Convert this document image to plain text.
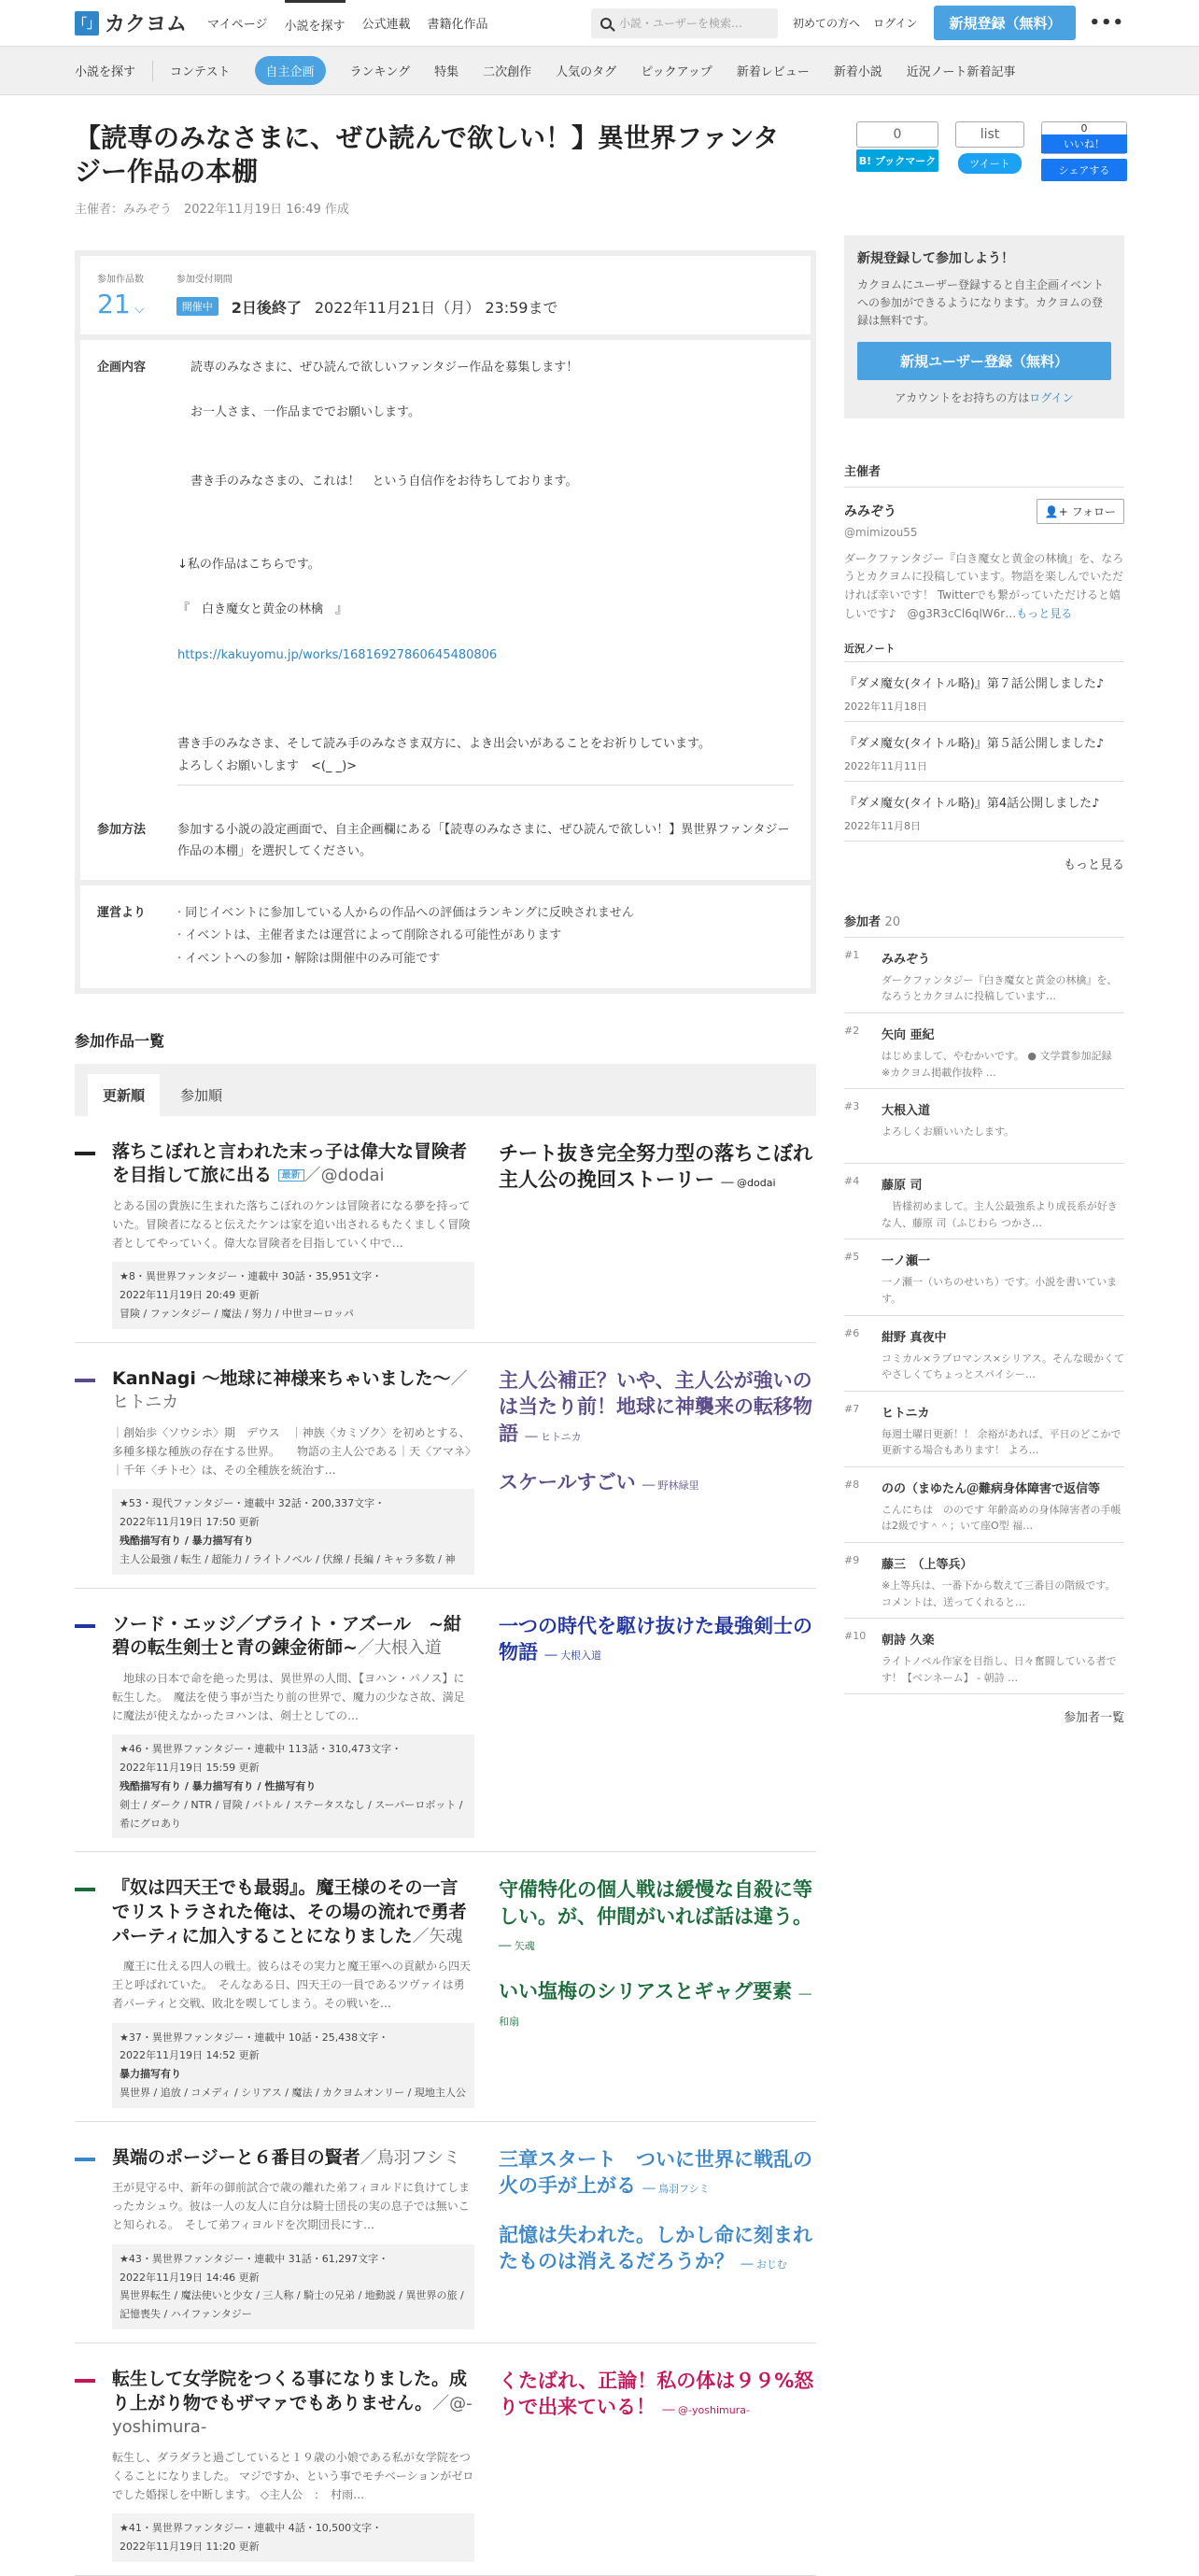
「」 カクヨム マイページ 小説を探す 公式連載 書籍化作品	小説・ユーザーを検索…	初めての方へ ログイン	新規登録（無料）	•••
小説を探す	コンテスト	自主企画	ランキング 特集 二次創作 人気のタグ ピックアップ 新着レビュー 新着小説 近況ノート新着記事
0
B! ブックマーク
list
ツイート
0
いいね！
シェアする
【読専のみなさまに、ぜひ読んで欲しい！】異世界ファンタジー作品の本棚
主催者：みみぞう　2022年11月19日 16:49 作成
参加作品数
21 ⌵
参加受付期間
開催中	2日後終了 2022年11月21日（月） 23:59まで
企画内容	読専のみなさまに、ぜひ読んで欲しいファンタジー作品を募集します！

お一人さま、一作品まででお願いします。

書き手のみなさまの、これは！　という自信作をお待ちしております。

↓私の作品はこちらです。

『　白き魔女と黄金の林檎　』

https://kakuyomu.jp/works/16816927860645480806

書き手のみなさま、そして読み手のみなさま双方に、よき出会いがあることをお祈りしています。
よろしくお願いします　<(_ _)>
参加方法	参加する小説の設定画面で、自主企画欄にある「【読専のみなさまに、ぜひ読んで欲しい！】異世界ファンタジー作品の本棚」を選択してください。
運営より	· 同じイベントに参加している人からの作品への評価はランキングに反映されません
· イベントは、主催者または運営によって削除される可能性があります
· イベントへの参加・解除は開催中のみ可能です
参加作品一覧
更新順	参加順
落ちこぼれと言われた末っ子は偉大な冒険者を目指して旅に出る 最新 ／@dodai
とある国の貴族に生まれた落ちこぼれのケンは冒険者になる夢を持っていた。冒険者になると伝えたケンは家を追い出されるもたくましく冒険者としてやっていく。偉大な冒険者を目指していく中で…
★8・異世界ファンタジー・連載中 30話・35,951文字・
2022年11月19日 20:49 更新
冒険 / ファンタジー / 魔法 / 努力 / 中世ヨーロッパ
チート抜き完全努力型の落ちこぼれ主人公の挽回ストーリー ── @dodai
KanNagi 〜地球に神様来ちゃいました〜／ヒトニカ
｜創始歩〈ソウシホ〉期　デウス　｜神族〈カミゾク〉を初めとする、多種多様な種族の存在する世界。　　物語の主人公である｜天〈アマネ〉　｜千年〈チトセ〉は、その全種族を統治す…
★53・現代ファンタジー・連載中 32話・200,337文字・
2022年11月19日 17:50 更新
残酷描写有り / 暴力描写有り
主人公最強 / 転生 / 超能力 / ライトノベル / 伏線 / 長編 / キャラ多数 / 神
主人公補正？いや、主人公が強いのは当たり前！地球に神襲来の転移物語 ── ヒトニカ
スケールすごい ── 野林緑里
ソード・エッジ／ブライト・アズール　~紺碧の転生剣士と青の錬金術師~／大根入道
　地球の日本で命を絶った男は、異世界の人間、【ヨハン・パノス】に転生した。　魔法を使う事が当たり前の世界で、魔力の少なさ故、満足に魔法が使えなかったヨハンは、剣士としての…
★46・異世界ファンタジー・連載中 113話・310,473文字・
2022年11月19日 15:59 更新
残酷描写有り / 暴力描写有り / 性描写有り
剣士 / ダーク / NTR / 冒険 / バトル / ステータスなし / スーパーロボット / 希にグロあり
一つの時代を駆け抜けた最強剣士の物語 ── 大根入道
『奴は四天王でも最弱』。魔王様のその一言でリストラされた俺は、その場の流れで勇者パーティに加入することになりました／矢魂
　魔王に仕える四人の戦士。彼らはその実力と魔王軍への貢献から四天王と呼ばれていた。　そんなある日、四天王の一員であるツヴァイは勇者パーティと交戦、敗北を喫してしまう。その戦いを…
★37・異世界ファンタジー・連載中 10話・25,438文字・
2022年11月19日 14:52 更新
暴力描写有り
異世界 / 追放 / コメディ / シリアス / 魔法 / カクヨムオンリー / 現地主人公
守備特化の個人戦は緩慢な自殺に等しい。が、仲間がいれば話は違う。 ── 矢魂
いい塩梅のシリアスとギャグ要素 ── 和扇
異端のポージーと６番目の賢者／鳥羽フシミ
王が見守る中、新年の御前試合で歳の離れた弟フィヨルドに負けてしまったカシュウ。彼は一人の友人に自分は騎士団長の実の息子では無いこと知られる。　そして弟フィヨルドを次期団長にす…
★43・異世界ファンタジー・連載中 31話・61,297文字・
2022年11月19日 14:46 更新
異世界転生 / 魔法使いと少女 / 三人称 / 騎士の兄弟 / 地動説 / 異世界の旅 / 記憶喪失 / ハイファンタジー
三章スタート　ついに世界に戦乱の火の手が上がる ── 鳥羽フシミ
記憶は失われた。しかし命に刻まれたものは消えるだろうか？ ── おじむ
転生して女学院をつくる事になりました。成り上がり物でもザマァでもありません。／@-yoshimura-
転生し、ダラダラと過ごしていると１９歳の小娘である私が女学院をつくることになりました。 マジですか、という事でモチベーションがゼロでした婚探しを中断します。 ◇主人公　：　村雨…
★41・異世界ファンタジー・連載中 4話・10,500文字・
2022年11月19日 11:20 更新
くたばれ、正論！私の体は９９%怒りで出来ている！ ── @-yoshimura-
新規登録して参加しよう！

カクヨムにユーザー登録すると自主企画イベントへの参加ができるようになります。カクヨムの登録は無料です。

新規ユーザー登録（無料）
アカウントをお持ちの方はログイン
主催者
みみぞう	👤+ フォロー
@mimizou55
ダークファンタジー『白き魔女と黄金の林檎』を、なろうとカクヨムに投稿しています。物語を楽しんでいただければ幸いです！ Twitterでも繋がっていただけると嬉しいです♪　@g3R3cCl6qlW6r…もっと見る
近況ノート
『ダメ魔女(タイトル略)』第７話公開しました♪
2022年11月18日
『ダメ魔女(タイトル略)』第５話公開しました♪
2022年11月11日
『ダメ魔女(タイトル略)』第4話公開しました♪
2022年11月8日
もっと見る
参加者 20
#1	みみぞう
ダークファンタジー『白き魔女と黄金の林檎』を、なろうとカクヨムに投稿しています…
#2	矢向 亜紀
はじめまして、やむかいです。 ● 文学賞参加記録　※カクヨム掲載作抜粋 …
#3	大根入道
よろしくお願いいたします。
#4	藤原 司
　皆様初めまして。主人公最強系より成長系が好きな人、藤原 司（ふじわら つかさ…
#5	一ノ瀬一
一ノ瀬一（いちのせいち）です。小説を書いています。
#6	紺野 真夜中
コミカル×ラブロマンス×シリアス。そんな暖かくてやさしくてちょっとスパイシー…
#7	ヒトニカ
毎週土曜日更新！！ 余裕があれば、平日のどこかで更新する場合もあります！ よろ…
#8	のの（まゆたん＠難病身体障害で返信等
こんにちは　ののです 年齢高めの身体障害者の手帳は2級です＾＾；いて座O型 福…
#9	藤三　（上等兵）
※上等兵は、一番下から数えて三番目の階級です。 コメントは、送ってくれると…
#10	朝詩 久楽
ライトノベル作家を目指し、日々奮闘している者です！【ベンネーム】 - 朝詩 …
参加者一覧
